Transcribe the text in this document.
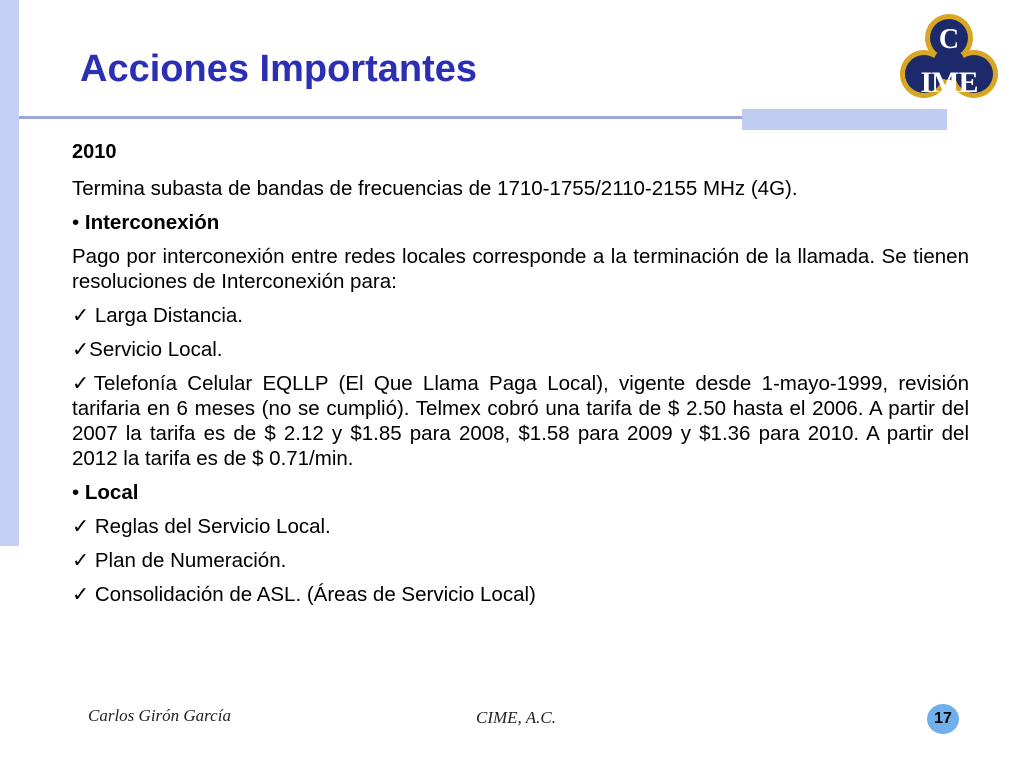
Acciones Importantes
C
IME

2010

Termina subasta de bandas de frecuencias de 1710-1755/2110-2155 MHz (4G).

• Interconexión

Pago por interconexión entre redes locales corresponde a la terminación de la llamada. Se tienen resoluciones de Interconexión para:

✓ Larga Distancia.

✓Servicio Local.

✓Telefonía Celular EQLLP (El Que Llama Paga Local), vigente desde 1-mayo-1999, revisión tarifaria en 6 meses (no se cumplió). Telmex cobró una tarifa de $ 2.50 hasta el 2006. A partir del 2007 la tarifa es de $ 2.12 y $1.85 para 2008, $1.58 para 2009 y $1.36 para 2010. A partir del 2012 la tarifa es de $ 0.71/min.

• Local

✓ Reglas del Servicio Local.

✓ Plan de Numeración.

✓ Consolidación de ASL. (Áreas de Servicio Local)

Carlos Girón García	CIME, A.C.	17
